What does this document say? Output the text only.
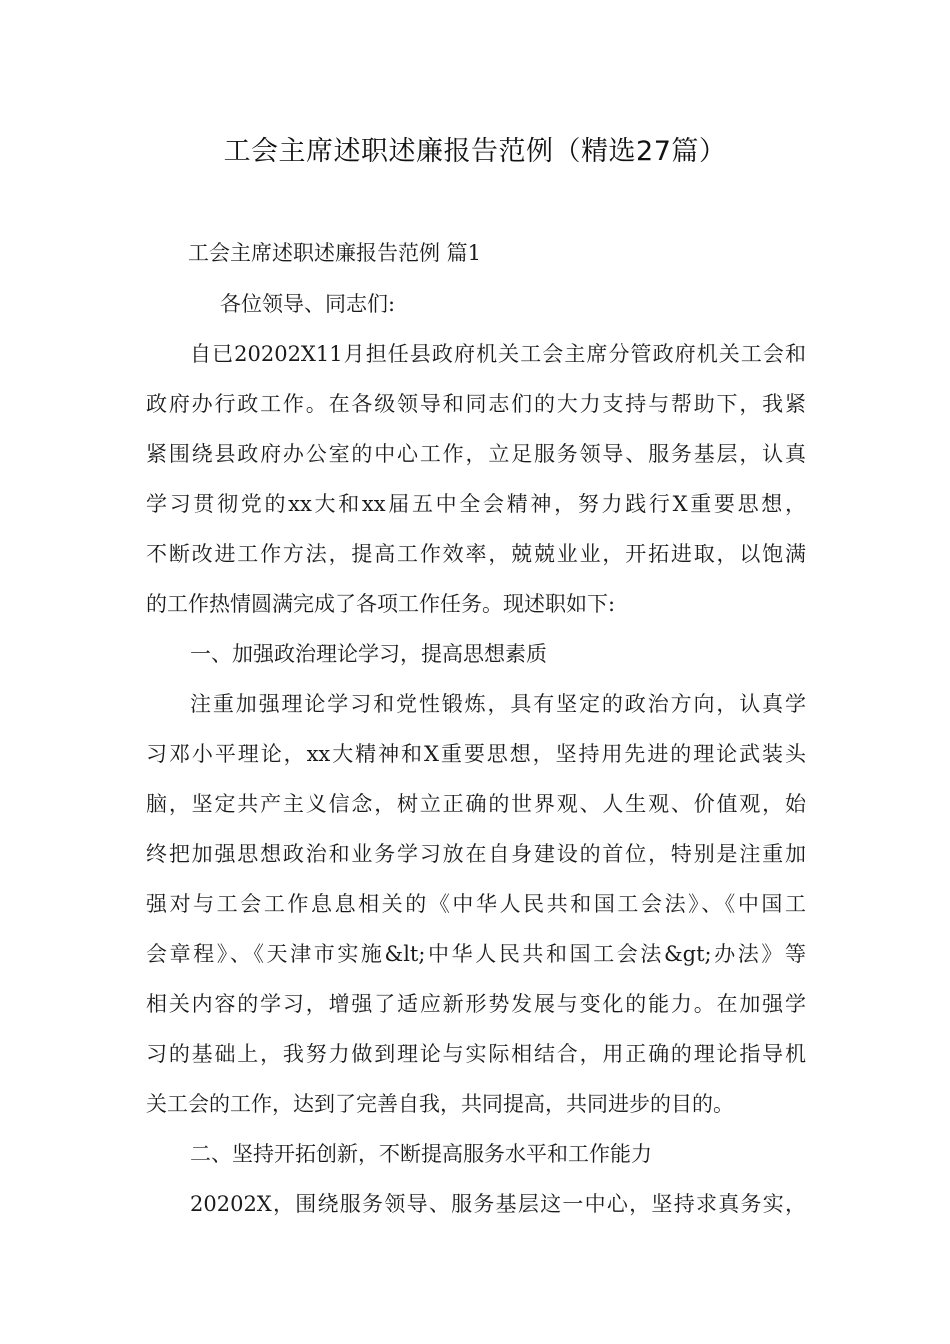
工会主席述职述廉报告范例（精选27篇）
工会主席述职述廉报告范例 篇1
各位领导、同志们:
自已20202X11月担任县政府机关工会主席分管政府机关工会和
政府办行政工作。在各级领导和同志们的大力支持与帮助下，我紧
紧围绕县政府办公室的中心工作，立足服务领导、服务基层，认真
学习贯彻党的xx大和xx届五中全会精神，努力践行X重要思想，
不断改进工作方法，提高工作效率，兢兢业业，开拓进取，以饱满
的工作热情圆满完成了各项工作任务。现述职如下:
一、加强政治理论学习，提高思想素质
注重加强理论学习和党性锻炼，具有坚定的政治方向，认真学
习邓小平理论，xx大精神和X重要思想，坚持用先进的理论武装头
脑，坚定共产主义信念，树立正确的世界观、人生观、价值观，始
终把加强思想政治和业务学习放在自身建设的首位，特别是注重加
强对与工会工作息息相关的《中华人民共和国工会法》、《中国工
会章程》、《天津市实施&lt;中华人民共和国工会法&gt;办法》等
相关内容的学习，增强了适应新形势发展与变化的能力。在加强学
习的基础上，我努力做到理论与实际相结合，用正确的理论指导机
关工会的工作，达到了完善自我，共同提高，共同进步的目的。
二、坚持开拓创新，不断提高服务水平和工作能力
20202X，围绕服务领导、服务基层这一中心，坚持求真务实，
